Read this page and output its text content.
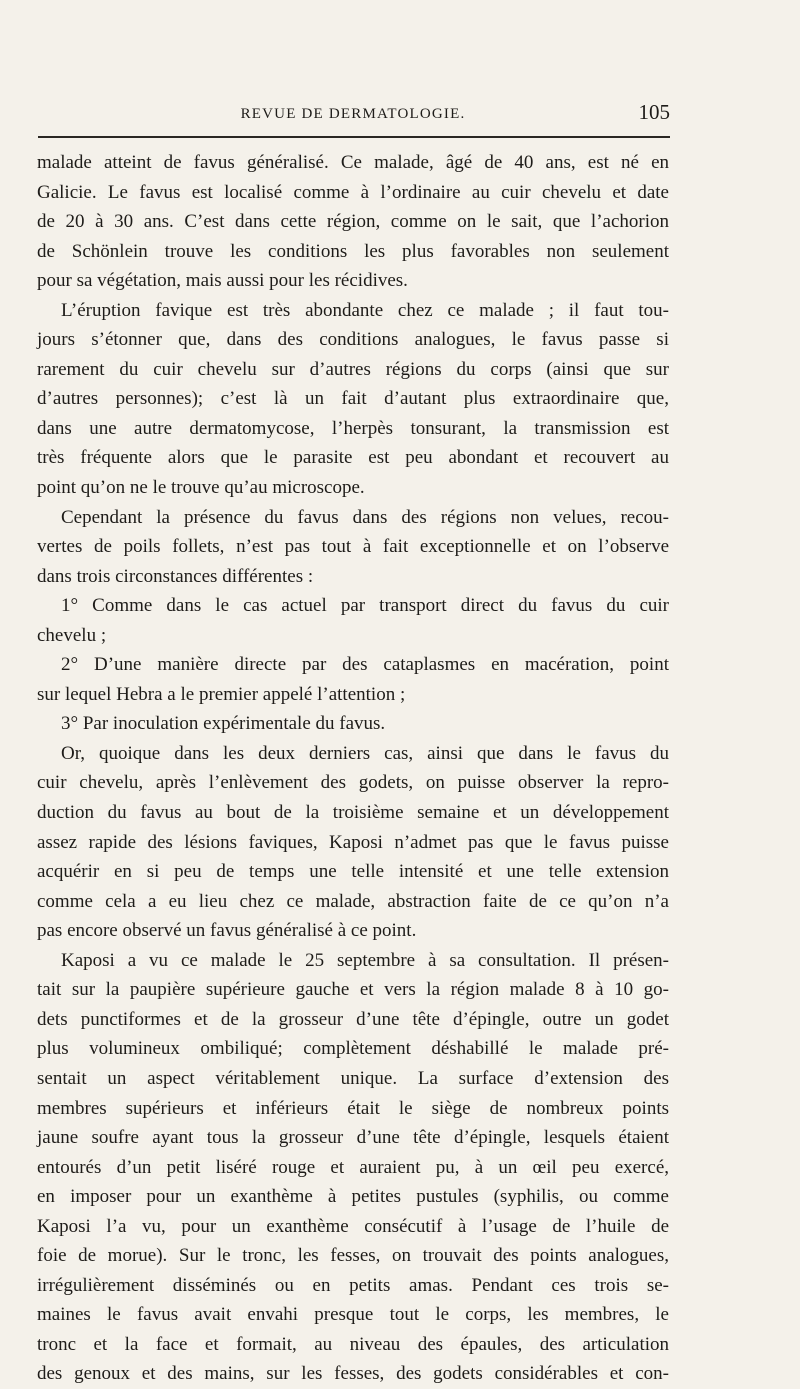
REVUE DE DERMATOLOGIE.	105
malade atteint de favus généralisé. Ce malade, âgé de 40 ans, est né en
Galicie. Le favus est localisé comme à l’ordinaire au cuir chevelu et date
de 20 à 30 ans. C’est dans cette région, comme on le sait, que l’achorion
de Schönlein trouve les conditions les plus favorables non seulement
pour sa végétation, mais aussi pour les récidives.
L’éruption favique est très abondante chez ce malade ; il faut tou-
jours s’étonner que, dans des conditions analogues, le favus passe si
rarement du cuir chevelu sur d’autres régions du corps (ainsi que sur
d’autres personnes); c’est là un fait d’autant plus extraordinaire que,
dans une autre dermatomycose, l’herpès tonsurant, la transmission est
très fréquente alors que le parasite est peu abondant et recouvert au
point qu’on ne le trouve qu’au microscope.
Cependant la présence du favus dans des régions non velues, recou-
vertes de poils follets, n’est pas tout à fait exceptionnelle et on l’observe
dans trois circonstances différentes :
1° Comme dans le cas actuel par transport direct du favus du cuir
chevelu ;
2° D’une manière directe par des cataplasmes en macération, point
sur lequel Hebra a le premier appelé l’attention ;
3° Par inoculation expérimentale du favus.
Or, quoique dans les deux derniers cas, ainsi que dans le favus du
cuir chevelu, après l’enlèvement des godets, on puisse observer la repro-
duction du favus au bout de la troisième semaine et un développement
assez rapide des lésions faviques, Kaposi n’admet pas que le favus puisse
acquérir en si peu de temps une telle intensité et une telle extension
comme cela a eu lieu chez ce malade, abstraction faite de ce qu’on n’a
pas encore observé un favus généralisé à ce point.
Kaposi a vu ce malade le 25 septembre à sa consultation. Il présen-
tait sur la paupière supérieure gauche et vers la région malade 8 à 10 go-
dets punctiformes et de la grosseur d’une tête d’épingle, outre un godet
plus volumineux ombiliqué; complètement déshabillé le malade pré-
sentait un aspect véritablement unique. La surface d’extension des
membres supérieurs et inférieurs était le siège de nombreux points
jaune soufre ayant tous la grosseur d’une tête d’épingle, lesquels étaient
entourés d’un petit liséré rouge et auraient pu, à un œil peu exercé,
en imposer pour un exanthème à petites pustules (syphilis, ou comme
Kaposi l’a vu, pour un exanthème consécutif à l’usage de l’huile de
foie de morue). Sur le tronc, les fesses, on trouvait des points analogues,
irrégulièrement disséminés ou en petits amas. Pendant ces trois se-
maines le favus avait envahi presque tout le corps, les membres, le
tronc et la face et formait, au niveau des épaules, des articulation
des genoux et des mains, sur les fesses, des godets considérables et con-
